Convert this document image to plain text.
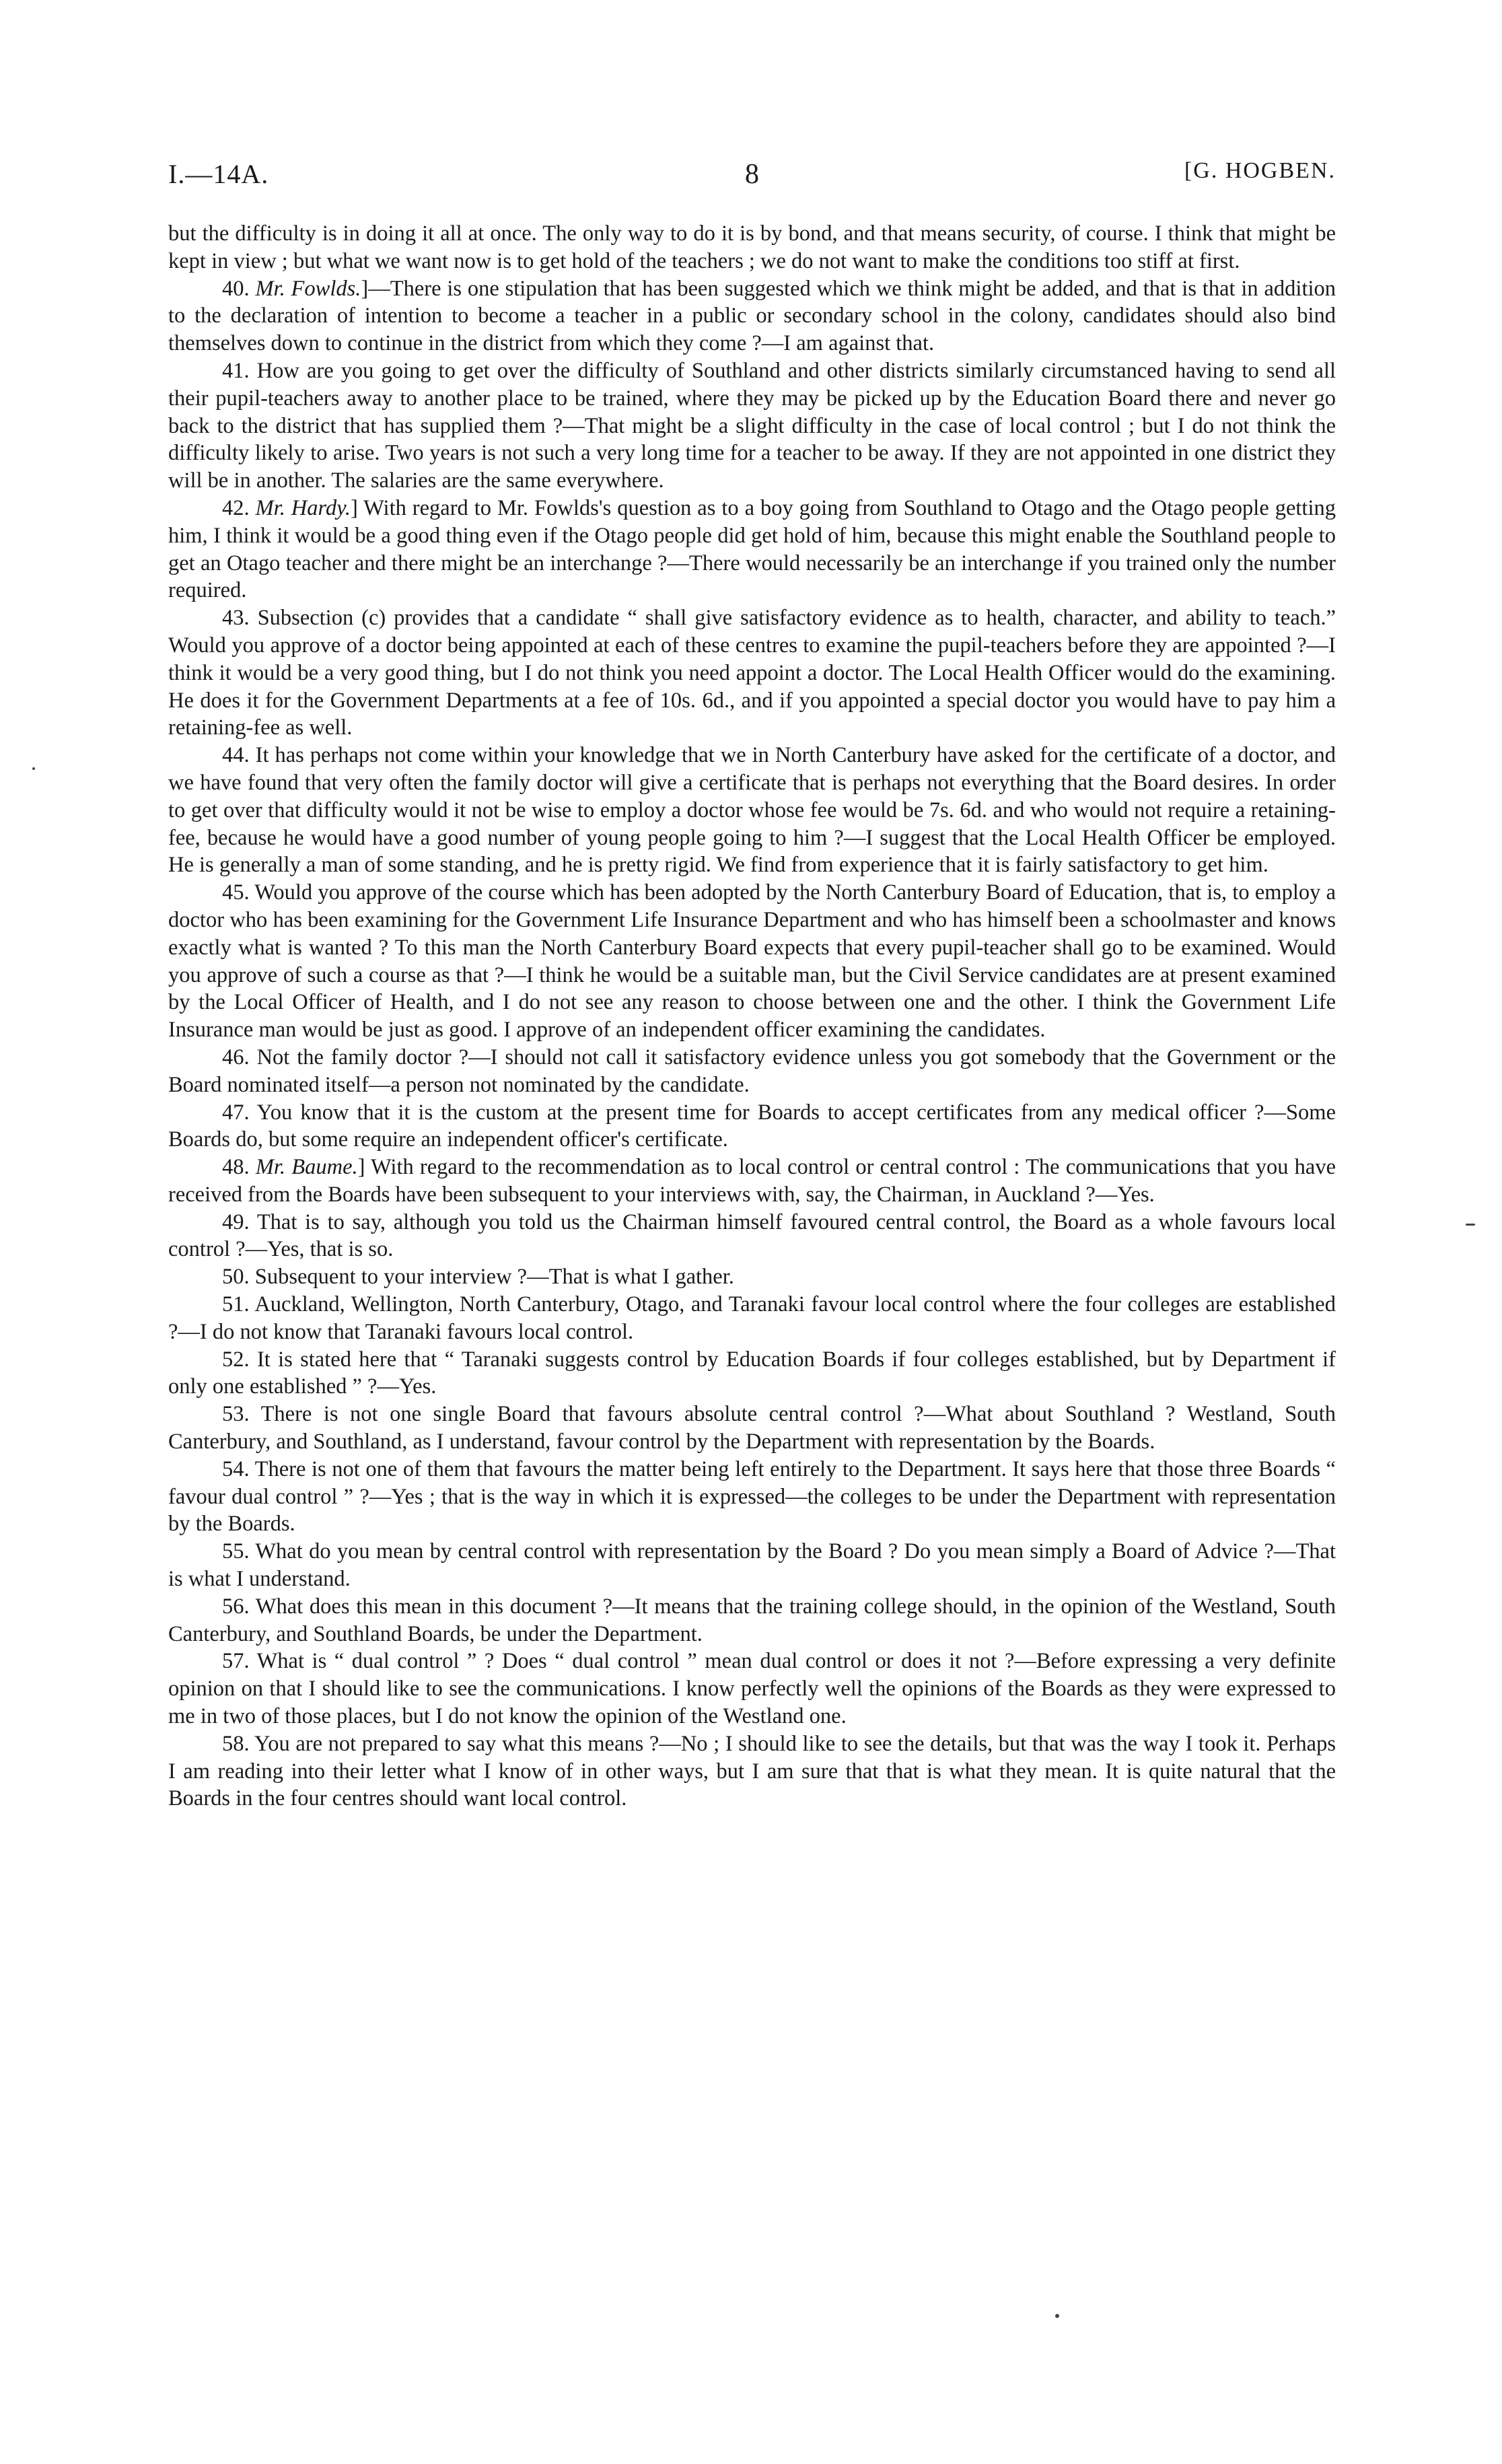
I.—14A.	8	[G. HOGBEN.

but the difficulty is in doing it all at once. The only way to do it is by bond, and that means security, of course. I think that might be kept in view ; but what we want now is to get hold of the teachers ; we do not want to make the conditions too stiff at first.

40. Mr. Fowlds.]—There is one stipulation that has been suggested which we think might be added, and that is that in addition to the declaration of intention to become a teacher in a public or secondary school in the colony, candidates should also bind themselves down to continue in the district from which they come ?—I am against that.

41. How are you going to get over the difficulty of Southland and other districts similarly circumstanced having to send all their pupil-teachers away to another place to be trained, where they may be picked up by the Education Board there and never go back to the district that has supplied them ?—That might be a slight difficulty in the case of local control ; but I do not think the difficulty likely to arise. Two years is not such a very long time for a teacher to be away. If they are not appointed in one district they will be in another. The salaries are the same everywhere.

42. Mr. Hardy.] With regard to Mr. Fowlds's question as to a boy going from Southland to Otago and the Otago people getting him, I think it would be a good thing even if the Otago people did get hold of him, because this might enable the Southland people to get an Otago teacher and there might be an interchange ?—There would necessarily be an interchange if you trained only the number required.

43. Subsection (c) provides that a candidate “ shall give satisfactory evidence as to health, character, and ability to teach.” Would you approve of a doctor being appointed at each of these centres to examine the pupil-teachers before they are appointed ?—I think it would be a very good thing, but I do not think you need appoint a doctor. The Local Health Officer would do the examining. He does it for the Government Departments at a fee of 10s. 6d., and if you appointed a special doctor you would have to pay him a retaining-fee as well.

44. It has perhaps not come within your knowledge that we in North Canterbury have asked for the certificate of a doctor, and we have found that very often the family doctor will give a certificate that is perhaps not everything that the Board desires. In order to get over that difficulty would it not be wise to employ a doctor whose fee would be 7s. 6d. and who would not require a retaining-fee, because he would have a good number of young people going to him ?—I suggest that the Local Health Officer be employed. He is generally a man of some standing, and he is pretty rigid. We find from experience that it is fairly satisfactory to get him.

45. Would you approve of the course which has been adopted by the North Canterbury Board of Education, that is, to employ a doctor who has been examining for the Government Life Insurance Department and who has himself been a schoolmaster and knows exactly what is wanted ? To this man the North Canterbury Board expects that every pupil-teacher shall go to be examined. Would you approve of such a course as that ?—I think he would be a suitable man, but the Civil Service candidates are at present examined by the Local Officer of Health, and I do not see any reason to choose between one and the other. I think the Government Life Insurance man would be just as good. I approve of an independent officer examining the candidates.

46. Not the family doctor ?—I should not call it satisfactory evidence unless you got somebody that the Government or the Board nominated itself—a person not nominated by the candidate.

47. You know that it is the custom at the present time for Boards to accept certificates from any medical officer ?—Some Boards do, but some require an independent officer's certificate.

48. Mr. Baume.] With regard to the recommendation as to local control or central control : The communications that you have received from the Boards have been subsequent to your interviews with, say, the Chairman, in Auckland ?—Yes.

49. That is to say, although you told us the Chairman himself favoured central control, the Board as a whole favours local control ?—Yes, that is so.

50. Subsequent to your interview ?—That is what I gather.

51. Auckland, Wellington, North Canterbury, Otago, and Taranaki favour local control where the four colleges are established ?—I do not know that Taranaki favours local control.

52. It is stated here that “ Taranaki suggests control by Education Boards if four colleges established, but by Department if only one established ” ?—Yes.

53. There is not one single Board that favours absolute central control ?—What about Southland ? Westland, South Canterbury, and Southland, as I understand, favour control by the Department with representation by the Boards.

54. There is not one of them that favours the matter being left entirely to the Department. It says here that those three Boards “ favour dual control ” ?—Yes ; that is the way in which it is expressed—the colleges to be under the Department with representation by the Boards.

55. What do you mean by central control with representation by the Board ? Do you mean simply a Board of Advice ?—That is what I understand.

56. What does this mean in this document ?—It means that the training college should, in the opinion of the Westland, South Canterbury, and Southland Boards, be under the Department.

57. What is “ dual control ” ? Does “ dual control ” mean dual control or does it not ?—Before expressing a very definite opinion on that I should like to see the communications. I know perfectly well the opinions of the Boards as they were expressed to me in two of those places, but I do not know the opinion of the Westland one.

58. You are not prepared to say what this means ?—No ; I should like to see the details, but that was the way I took it. Perhaps I am reading into their letter what I know of in other ways, but I am sure that that is what they mean. It is quite natural that the Boards in the four centres should want local control.
